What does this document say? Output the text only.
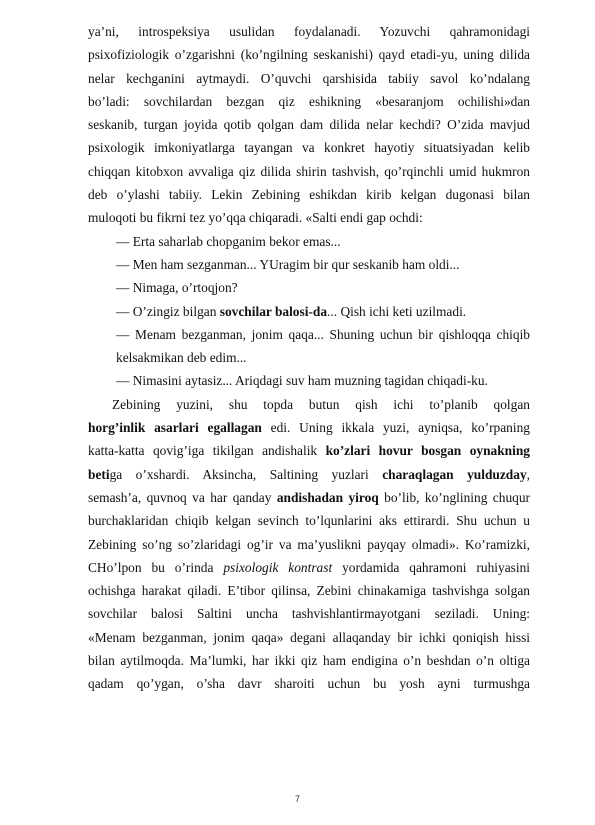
ya’ni, introspeksiya usulidan foydalanadi. Yozuvchi qahramonidagi
psixofiziologik o’zgarishni (ko’ngilning seskanishi) qayd etadi-yu, uning dilida
nelar kechganini aytmaydi. O’quvchi qarshisida tabiiy savol ko’ndalang
bo’ladi: sovchilardan bezgan qiz eshikning «besaranjom ochilishi»dan
seskanib, turgan joyida qotib qolgan dam dilida nelar kechdi? O’zida mavjud
psixologik imkoniyatlarga tayangan va konkret hayotiy situatsiyadan kelib
chiqqan kitobxon avvaliga qiz dilida shirin tashvish, qo’rqinchli umid hukmron
deb o’ylashi tabiiy. Lekin Zebining eshikdan kirib kelgan dugonasi bilan
muloqoti bu fikrni tez yo’qqa chiqaradi. «Salti endi gap ochdi:
— Erta saharlab chopganim bekor emas...
— Men ham sezganman... YUragim bir qur seskanib ham oldi...
— Nimaga, o’rtoqjon?
— O’zingiz bilgan sovchilar balosi-da... Qish ichi keti uzilmadi.
— Menam bezganman, jonim qaqa... Shuning uchun bir qishloqqa chiqib
kelsakmikan deb edim...
— Nimasini aytasiz... Ariqdagi suv ham muzning tagidan chiqadi-ku.
Zebining yuzini, shu topda butun qish ichi to’planib qolgan
horg’inlik asarlari egallagan edi. Uning ikkala yuzi, ayniqsa, ko’rpaning
katta-katta qovig’iga tikilgan andishalik ko’zlari hovur bosgan oynakning
betiga o’xshardi. Aksincha, Saltining yuzlari charaqlagan yulduzday,
semash’a, quvnoq va har qanday andishadan yiroq bo’lib, ko’nglining chuqur
burchaklaridan chiqib kelgan sevinch to’lqunlarini aks ettirardi. Shu uchun u
Zebining so’ng so’zlaridagi og’ir va ma’yuslikni payqay olmadi». Ko’ramizki,
CHo’lpon bu o’rinda psixologik kontrast yordamida qahramoni ruhiyasini
ochishga harakat qiladi. E’tibor qilinsa, Zebini chinakamiga tashvishga solgan
sovchilar balosi Saltini uncha tashvishlantirmayotgani seziladi. Uning:
«Menam bezganman, jonim qaqa» degani allaqanday bir ichki qoniqish hissi
bilan aytilmoqda. Ma’lumki, har ikki qiz ham endigina o’n beshdan o’n oltiga
qadam qo’ygan, o’sha davr sharoiti uchun bu yosh ayni turmushga
7
